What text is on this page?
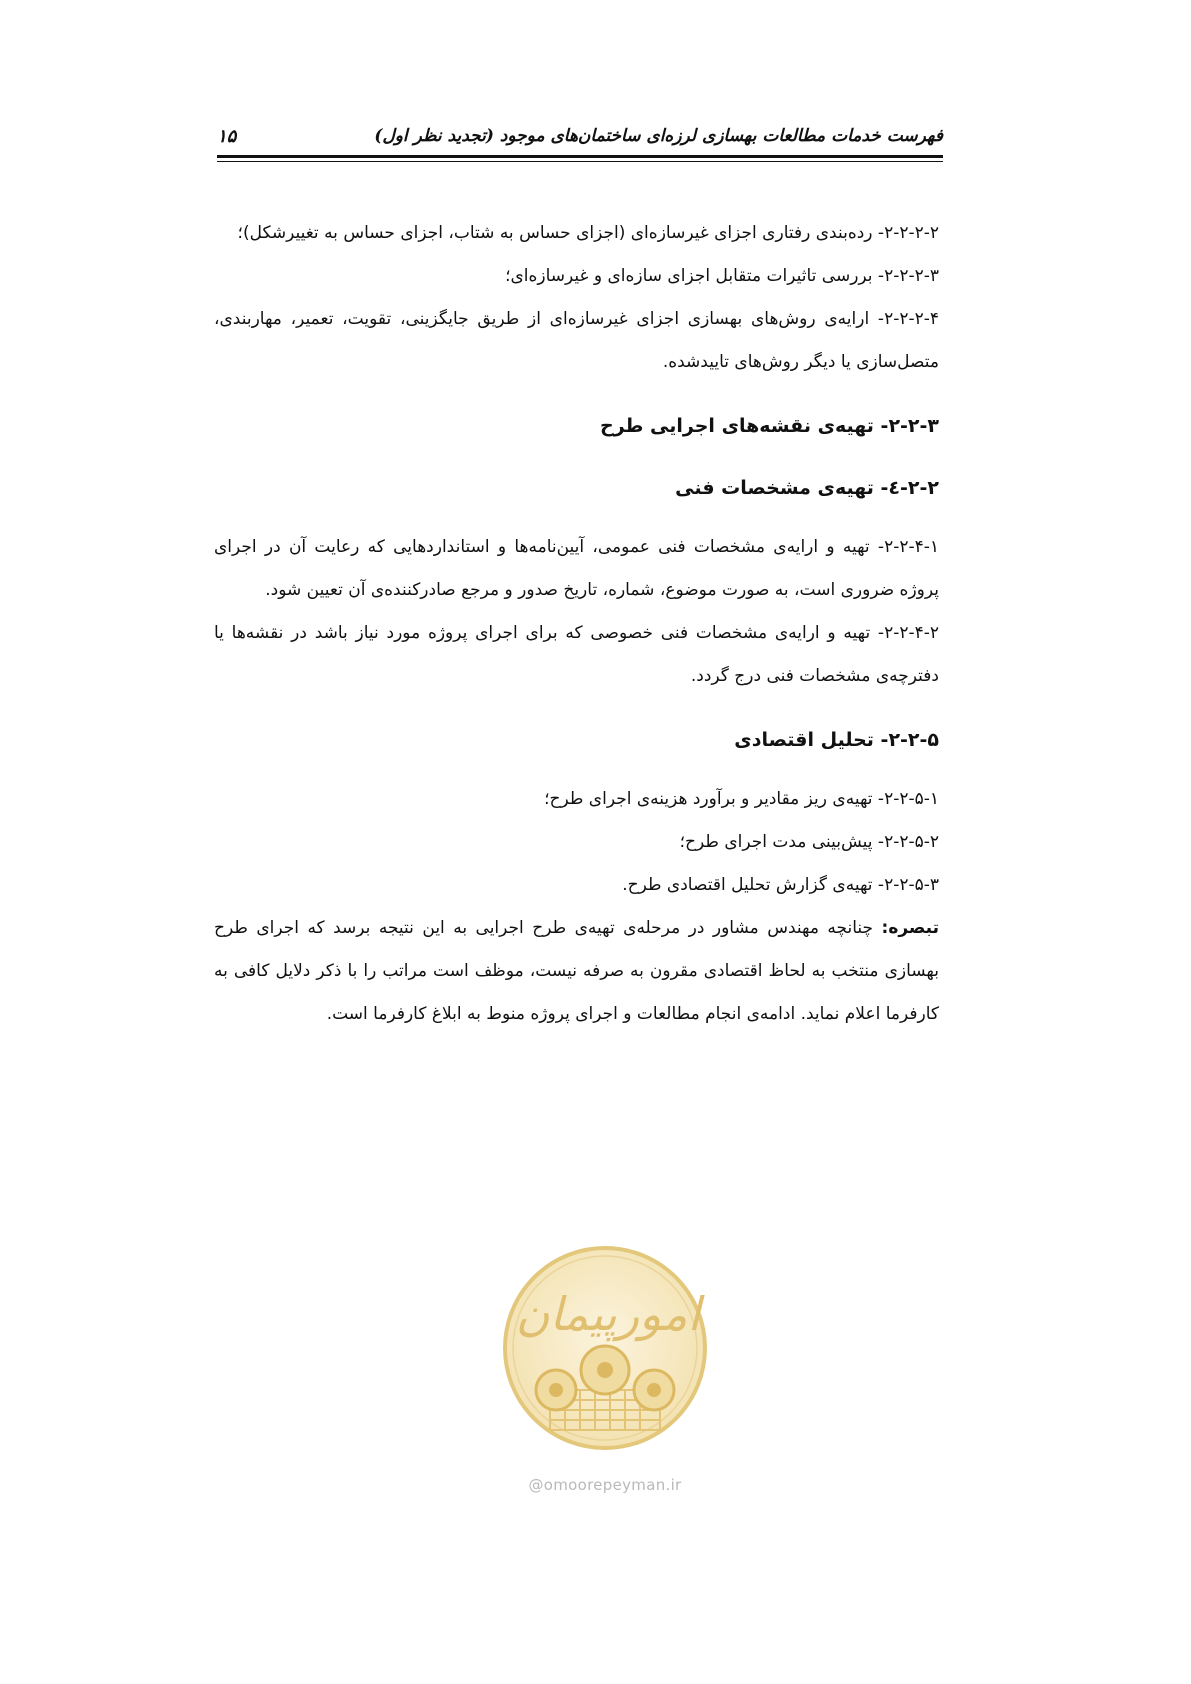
فهرست خدمات مطالعات بهسازی لرزه‌ای ساختمان‌های موجود (تجدید نظر اول)
۱۵

۲-۲-۲-۲- رده‌بندی رفتاری اجزای غیرسازه‌ای (اجزای حساس به شتاب، اجزای حساس به تغییرشکل)؛

۲-۲-۲-۳- بررسی تاثیرات متقابل اجزای سازه‌ای و غیرسازه‌ای؛

۲-۲-۲-۴- ارایه‌ی روش‌های بهسازی اجزای غیرسازه‌ای از طریق جایگزینی، تقویت، تعمیر، مهاربندی، متصل‌سازی یا دیگر روش‌های تاییدشده.

۲-۲-۳- تهیه‌ی نقشه‌های اجرایی طرح
۲-۲-٤- تهیه‌ی مشخصات فنی

۲-۲-۴-۱- تهیه و ارایه‌ی مشخصات فنی عمومی، آیین‌نامه‌ها و استانداردهایی که رعایت آن در اجرای پروژه ضروری است، به صورت موضوع، شماره، تاریخ صدور و مرجع صادرکننده‌ی آن تعیین شود.

۲-۲-۴-۲- تهیه و ارایه‌ی مشخصات فنی خصوصی که برای اجرای پروژه مورد نیاز باشد در نقشه‌ها یا دفترچه‌ی مشخصات فنی درج گردد.

۲-۲-۵- تحلیل اقتصادی

۲-۲-۵-۱- تهیه‌ی ریز مقادیر و برآورد هزینه‌ی اجرای طرح؛

۲-۲-۵-۲- پیش‌بینی مدت اجرای طرح؛

۲-۲-۵-۳- تهیه‌ی گزارش تحلیل اقتصادی طرح.

تبصره: چنانچه مهندس مشاور در مرحله‌ی تهیه‌ی طرح اجرایی به این نتیجه برسد که اجرای طرح بهسازی منتخب به لحاظ اقتصادی مقرون به صرفه نیست، موظف است مراتب را با ذکر دلایل کافی به کارفرما اعلام نماید. ادامه‌ی انجام مطالعات و اجرای پروژه منوط به ابلاغ کارفرما است.

امورپیمان
@omoorepeyman.ir
